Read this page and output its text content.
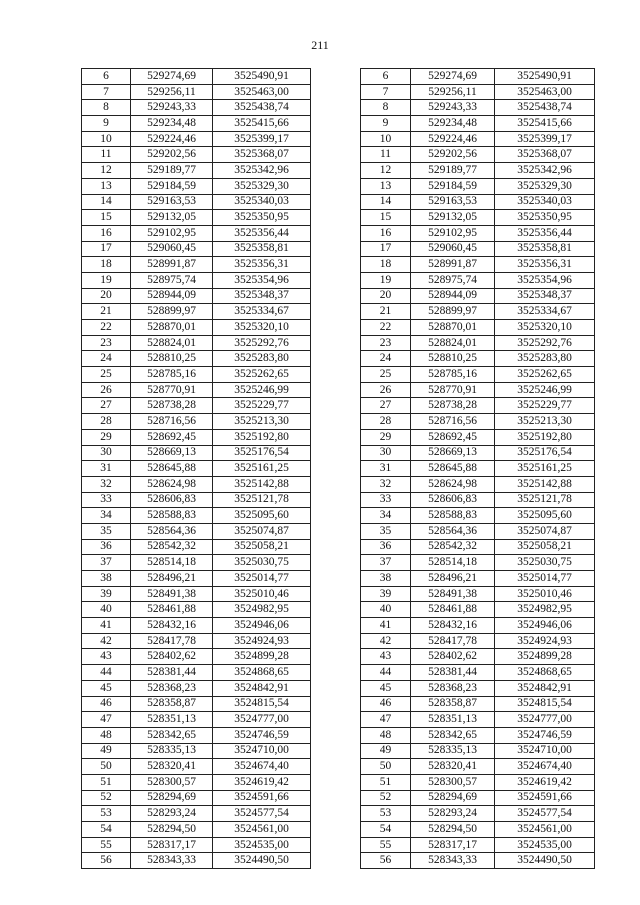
211
6	529274,69	3525490,91		6	529274,69	3525490,91
7	529256,11	3525463,00		7	529256,11	3525463,00
8	529243,33	3525438,74		8	529243,33	3525438,74
9	529234,48	3525415,66		9	529234,48	3525415,66
10	529224,46	3525399,17		10	529224,46	3525399,17
11	529202,56	3525368,07		11	529202,56	3525368,07
12	529189,77	3525342,96		12	529189,77	3525342,96
13	529184,59	3525329,30		13	529184,59	3525329,30
14	529163,53	3525340,03		14	529163,53	3525340,03
15	529132,05	3525350,95		15	529132,05	3525350,95
16	529102,95	3525356,44		16	529102,95	3525356,44
17	529060,45	3525358,81		17	529060,45	3525358,81
18	528991,87	3525356,31		18	528991,87	3525356,31
19	528975,74	3525354,96		19	528975,74	3525354,96
20	528944,09	3525348,37		20	528944,09	3525348,37
21	528899,97	3525334,67		21	528899,97	3525334,67
22	528870,01	3525320,10		22	528870,01	3525320,10
23	528824,01	3525292,76		23	528824,01	3525292,76
24	528810,25	3525283,80		24	528810,25	3525283,80
25	528785,16	3525262,65		25	528785,16	3525262,65
26	528770,91	3525246,99		26	528770,91	3525246,99
27	528738,28	3525229,77		27	528738,28	3525229,77
28	528716,56	3525213,30		28	528716,56	3525213,30
29	528692,45	3525192,80		29	528692,45	3525192,80
30	528669,13	3525176,54		30	528669,13	3525176,54
31	528645,88	3525161,25		31	528645,88	3525161,25
32	528624,98	3525142,88		32	528624,98	3525142,88
33	528606,83	3525121,78		33	528606,83	3525121,78
34	528588,83	3525095,60		34	528588,83	3525095,60
35	528564,36	3525074,87		35	528564,36	3525074,87
36	528542,32	3525058,21		36	528542,32	3525058,21
37	528514,18	3525030,75		37	528514,18	3525030,75
38	528496,21	3525014,77		38	528496,21	3525014,77
39	528491,38	3525010,46		39	528491,38	3525010,46
40	528461,88	3524982,95		40	528461,88	3524982,95
41	528432,16	3524946,06		41	528432,16	3524946,06
42	528417,78	3524924,93		42	528417,78	3524924,93
43	528402,62	3524899,28		43	528402,62	3524899,28
44	528381,44	3524868,65		44	528381,44	3524868,65
45	528368,23	3524842,91		45	528368,23	3524842,91
46	528358,87	3524815,54		46	528358,87	3524815,54
47	528351,13	3524777,00		47	528351,13	3524777,00
48	528342,65	3524746,59		48	528342,65	3524746,59
49	528335,13	3524710,00		49	528335,13	3524710,00
50	528320,41	3524674,40		50	528320,41	3524674,40
51	528300,57	3524619,42		51	528300,57	3524619,42
52	528294,69	3524591,66		52	528294,69	3524591,66
53	528293,24	3524577,54		53	528293,24	3524577,54
54	528294,50	3524561,00		54	528294,50	3524561,00
55	528317,17	3524535,00		55	528317,17	3524535,00
56	528343,33	3524490,50		56	528343,33	3524490,50
